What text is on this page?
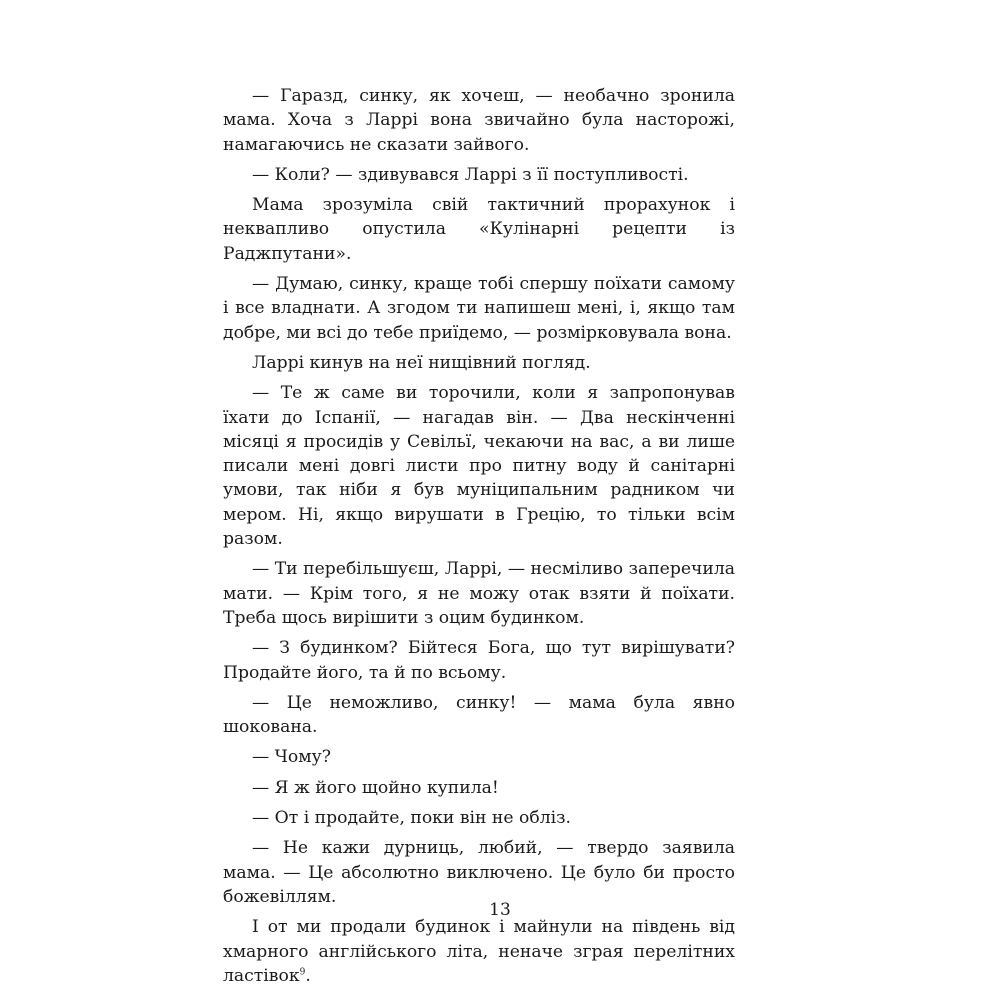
— Гаразд, синку, як хочеш, — необачно зронила мама. Хоча з Ларрі вона звичайно була насторожі, намагаючись не сказати зайвого.

— Коли? — здивувався Ларрі з її поступливості.

Мама зрозуміла свій тактичний прорахунок і неквапливо опустила «Кулінарні рецепти із Раджпутани».

— Думаю, синку, краще тобі спершу поїхати самому і все владнати. А згодом ти напишеш мені, і, якщо там добре, ми всі до тебе приїдемо, — розмірковувала вона.

Ларрі кинув на неї нищівний погляд.

— Те ж саме ви торочили, коли я запропонував їхати до Іспанії, — нагадав він. — Два нескінченні місяці я просидів у Севільї, чекаючи на вас, а ви лише писали мені довгі листи про питну воду й санітарні умови, так ніби я був муніципальним радником чи мером. Ні, якщо вирушати в Грецію, то тільки всім разом.

— Ти перебільшуєш, Ларрі, — несміливо заперечила мати. — Крім того, я не можу отак взяти й поїхати. Треба щось вирішити з оцим будинком.

— З будинком? Бійтеся Бога, що тут вирішувати? Продайте його, та й по всьому.

— Це неможливо, синку! — мама була явно шокована.

— Чому?

— Я ж його щойно купила!

— От і продайте, поки він не обліз.

— Не кажи дурниць, любий, — твердо заявила мама. — Це абсолютно виключено. Це було би просто божевіллям.

І от ми продали будинок і майнули на південь від хмарного англійського літа, неначе зграя перелітних ластівок$^9$.

13
